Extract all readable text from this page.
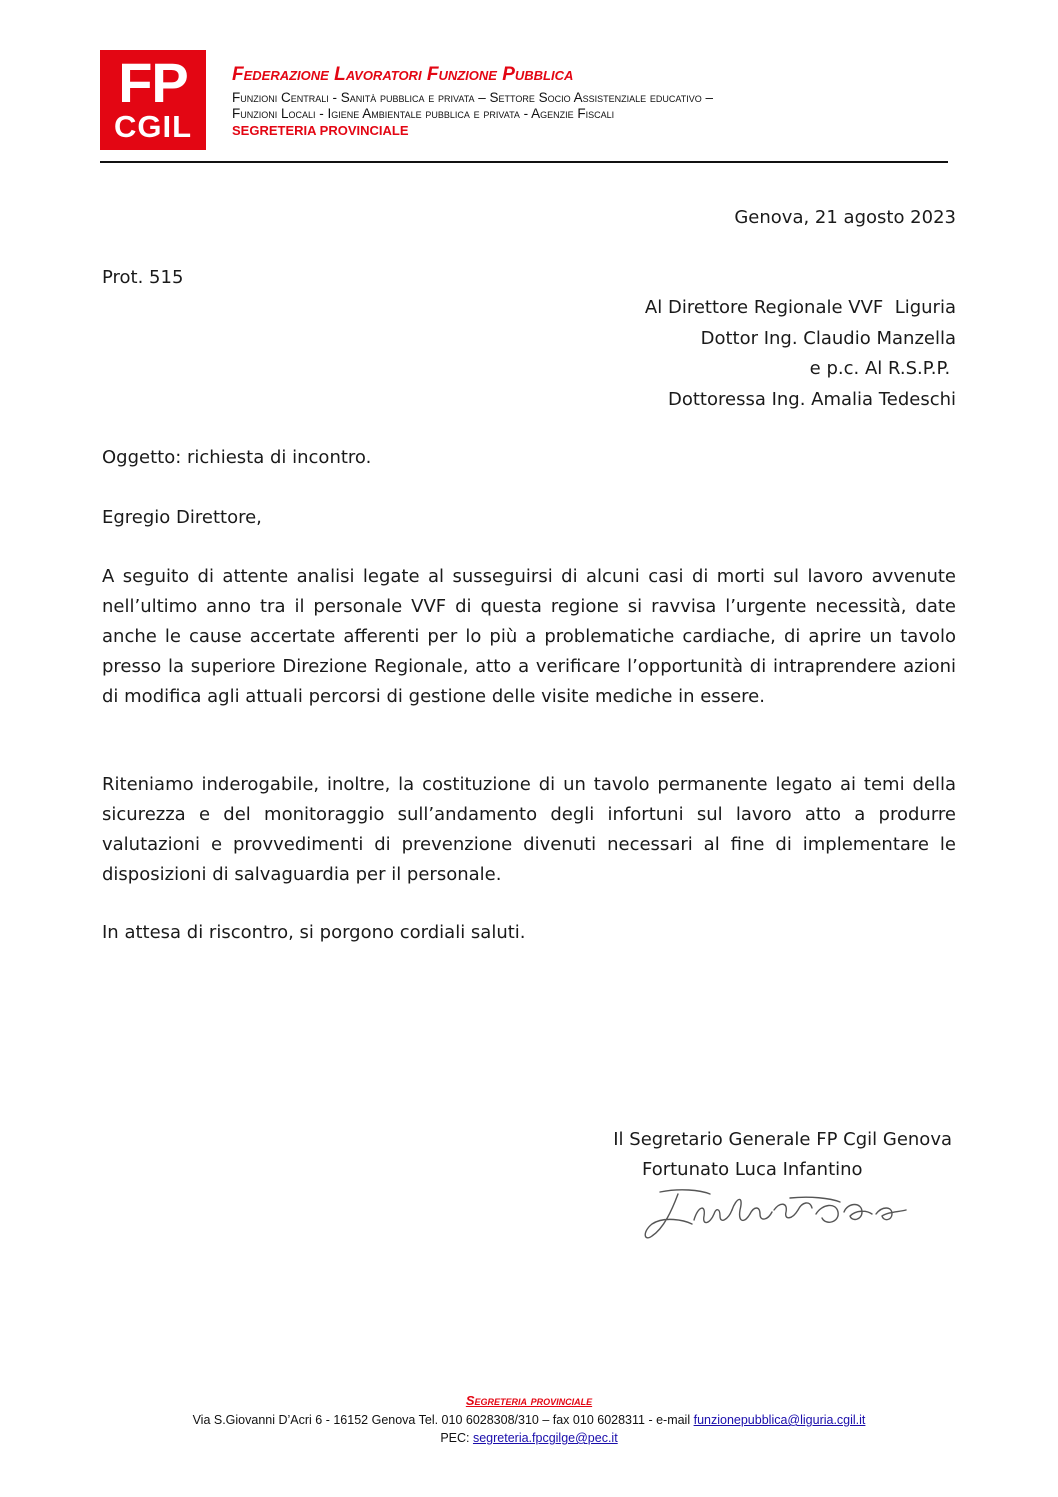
FP
CGIL
Federazione Lavoratori Funzione Pubblica
Funzioni Centrali - Sanità pubblica e privata – Settore Socio Assistenziale educativo –
Funzioni Locali - Igiene Ambientale pubblica e privata - Agenzie Fiscali
SEGRETERIA PROVINCIALE
Genova, 21 agosto 2023
Prot. 515
Al Direttore Regionale VVF  Liguria
Dottor Ing. Claudio Manzella
e p.c. Al R.S.P.P.
Dottoressa Ing. Amalia Tedeschi
Oggetto: richiesta di incontro.
Egregio Direttore,
A seguito di attente analisi legate al susseguirsi di alcuni casi di morti sul lavoro avvenute nell’ultimo anno tra il personale VVF di questa regione si ravvisa l’urgente necessità, date anche le cause accertate afferenti per lo più a problematiche cardiache, di aprire un tavolo presso la superiore Direzione Regionale, atto a verificare l’opportunità di intraprendere azioni di modifica agli attuali percorsi di gestione delle visite mediche in essere.
Riteniamo inderogabile, inoltre, la costituzione di un tavolo permanente legato ai temi della sicurezza e del monitoraggio sull’andamento degli infortuni sul lavoro atto a produrre valutazioni e provvedimenti di prevenzione divenuti necessari al fine di implementare le disposizioni di salvaguardia per il personale.
In attesa di riscontro, si porgono cordiali saluti.
Il Segretario Generale FP Cgil Genova
Fortunato Luca Infantino
Segreteria provinciale
Via S.Giovanni D’Acri 6 - 16152 Genova Tel. 010 6028308/310 – fax 010 6028311 - e-mail funzionepubblica@liguria.cgil.it
PEC: segreteria.fpcgilge@pec.it
